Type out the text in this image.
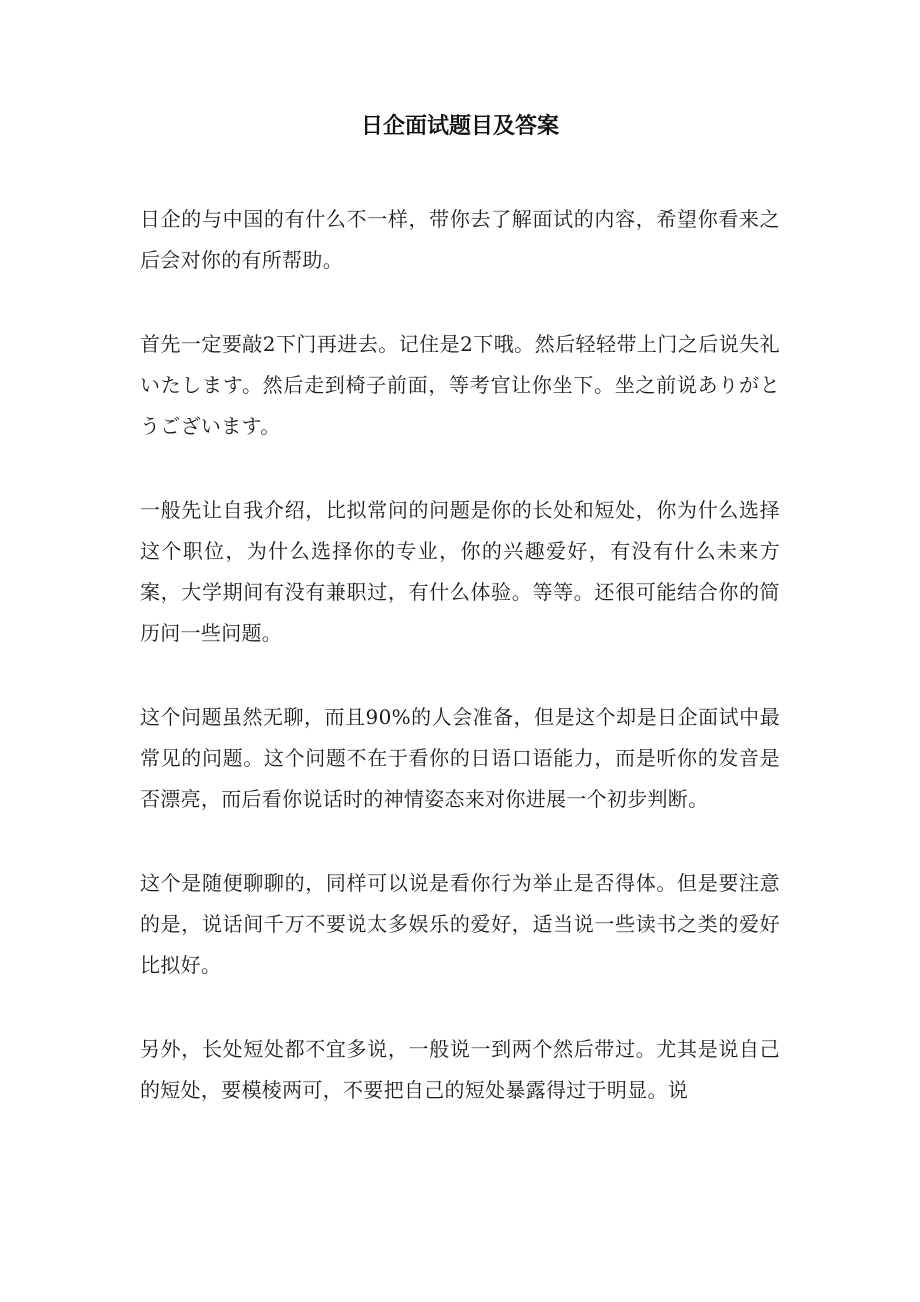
日企面试题目及答案

日企的与中国的有什么不一样，带你去了解面试的内容，希望你看来之后会对你的有所帮助。

首先一定要敲2下门再进去。记住是2下哦。然后轻轻带上门之后说失礼いたします。然后走到椅子前面，等考官让你坐下。坐之前说ありがとうございます。

一般先让自我介绍，比拟常问的问题是你的长处和短处，你为什么选择这个职位，为什么选择你的专业，你的兴趣爱好，有没有什么未来方案，大学期间有没有兼职过，有什么体验。等等。还很可能结合你的简历问一些问题。

这个问题虽然无聊，而且90%的人会准备，但是这个却是日企面试中最常见的问题。这个问题不在于看你的日语口语能力，而是听你的发音是否漂亮，而后看你说话时的神情姿态来对你进展一个初步判断。

这个是随便聊聊的，同样可以说是看你行为举止是否得体。但是要注意的是，说话间千万不要说太多娱乐的爱好，适当说一些读书之类的爱好比拟好。

另外，长处短处都不宜多说，一般说一到两个然后带过。尤其是说自己的短处，要模棱两可，不要把自己的短处暴露得过于明显。说
